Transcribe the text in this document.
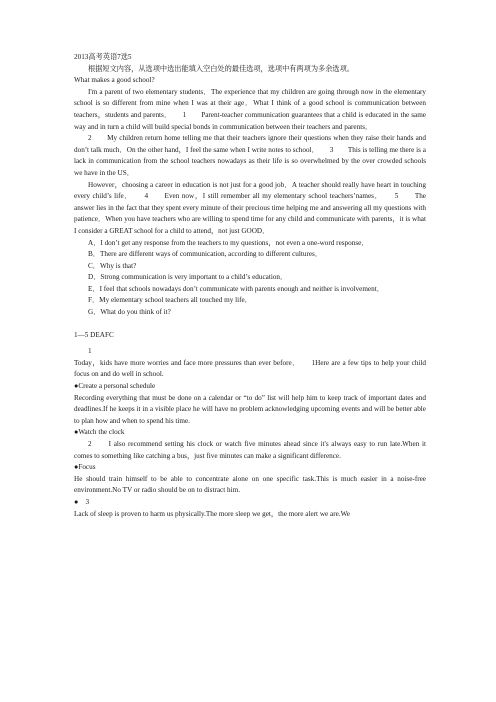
2013高考英语7选5

根据短文内容，从选项中选出能填入空白处的最佳选项，选项中有两项为多余选项。

What makes a good school?

I'm a parent of two elementary students．The experience that my children are going through now in the elementary school is so different from mine when I was at their age．What I think of a good school is communication between teachers，students and parents．　　1　　Parent-teacher communication guarantees that a child is educated in the same way and in turn a child will build special bonds in communication between their teachers and parents．

2　　My children return home telling me that their teachers ignore their questions when they raise their hands and don’t talk much．On the other hand，I feel the same when I write notes to school．　　3　　This is telling me there is a lack in communication from the school teachers nowadays as their life is so overwhelmed by the over crowded schools we have in the US．

However，choosing a career in education is not just for a good job．A teacher should really have heart in touching every child’s life．　　4　　Even now，I still remember all my elementary school teachers’names．　　5　　The answer lies in the fact that they spent every minute of their precious time helping me and answering all my questions with patience．When you have teachers who are willing to spend time for any child and communicate with parents，it is what I consider a GREAT school for a child to attend，not just GOOD．

A．I don’t get any response from the teachers to my questions，not even a one-word response．

B．There are different ways of communication, according to different cultures．

C．Why is that?

D．Strong communication is very important to a child’s education．

E．I feel that schools nowadays don’t communicate with parents enough and neither is involvement．

F．My elementary school teachers all touched my life．

G．What do you think of it?

1—5 DEAFC

1

Today，kids have more worries and face more pressures than ever before．　　1Here are a few tips to help your child focus on and do well in school.

●Create a personal schedule

Recording everything that must be done on a calendar or “to do” list will help him to keep track of important dates and deadlines.If he keeps it in a visible place he will have no problem acknowledging upcoming events and will be better able to plan how and when to spend his time.

●Watch the clock

2　　I also recommend setting his clock or watch five minutes ahead since it's always easy to run late.When it comes to something like catching a bus，just five minutes can make a significant difference.

●Focus

He should train himself to be able to concentrate alone on one specific task.This is much easier in a noise-free environment.No TV or radio should be on to distract him.

●　3

Lack of sleep is proven to harm us physically.The more sleep we get，the more alert we are.We
